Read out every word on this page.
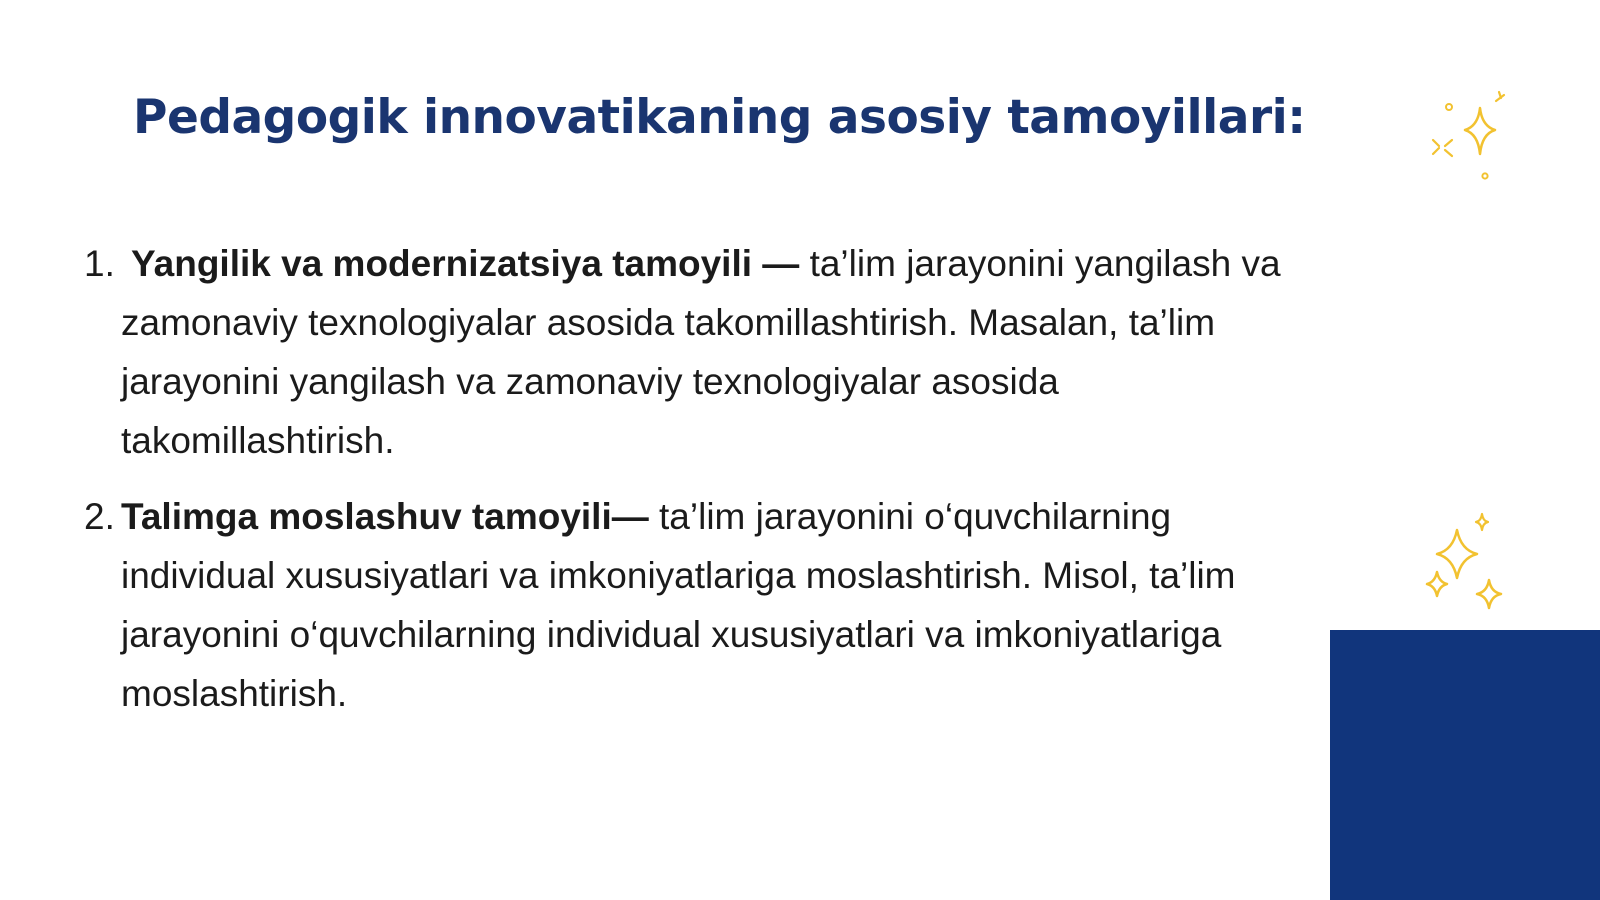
Pedagogik innovatikaning asosiy tamoyillari:
1. Yangilik va modernizatsiya tamoyili — ta’lim jarayonini yangilash va zamonaviy texnologiyalar asosida takomillashtirish. Masalan, ta’lim jarayonini yangilash va zamonaviy texnologiyalar asosida takomillashtirish.
2. Talimga moslashuv tamoyili— ta’lim jarayonini o‘quvchilarning individual xususiyatlari va imkoniyatlariga moslashtirish. Misol, ta’lim jarayonini o‘quvchilarning individual xususiyatlari va imkoniyatlariga moslashtirish.
